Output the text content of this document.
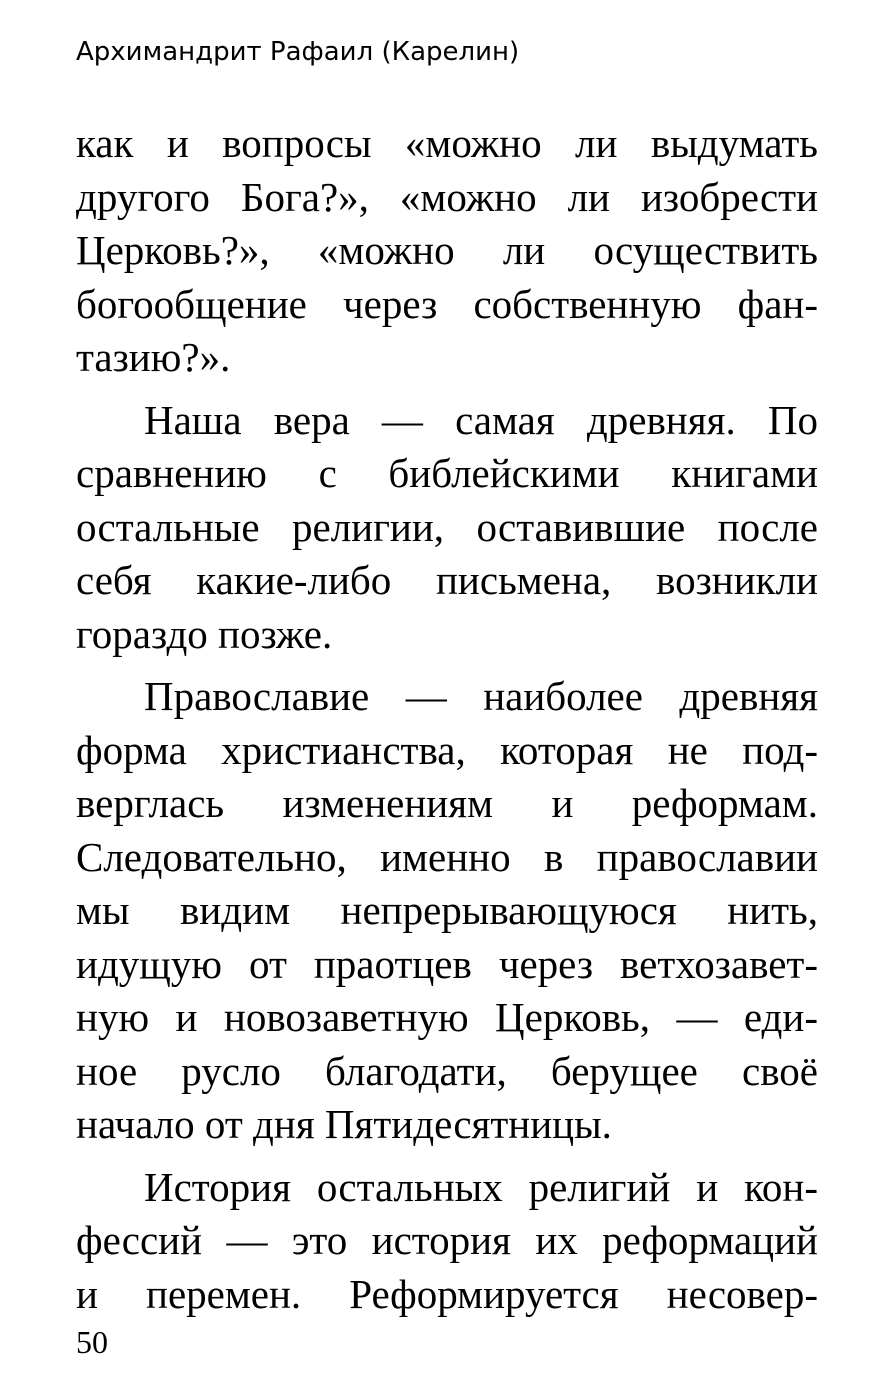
Архимандрит Рафаил (Карелин)
как и вопросы «можно ли выдумать
другого Бога?», «можно ли изобрести
Церковь?», «можно ли осуществить
богообщение через собственную фан-
тазию?».
Наша вера — самая древняя. По
сравнению с библейскими книгами
остальные религии, оставившие после
себя какие-либо письмена, возникли
гораздо позже.
Православие — наиболее древняя
форма христианства, которая не под-
верглась изменениям и реформам.
Следовательно, именно в православии
мы видим непрерывающуюся нить,
идущую от праотцев через ветхозавет-
ную и новозаветную Церковь, — еди-
ное русло благодати, берущее своё
начало от дня Пятидесятницы.
История остальных религий и кон-
фессий — это история их реформаций
и перемен. Реформируется несовер-
50
